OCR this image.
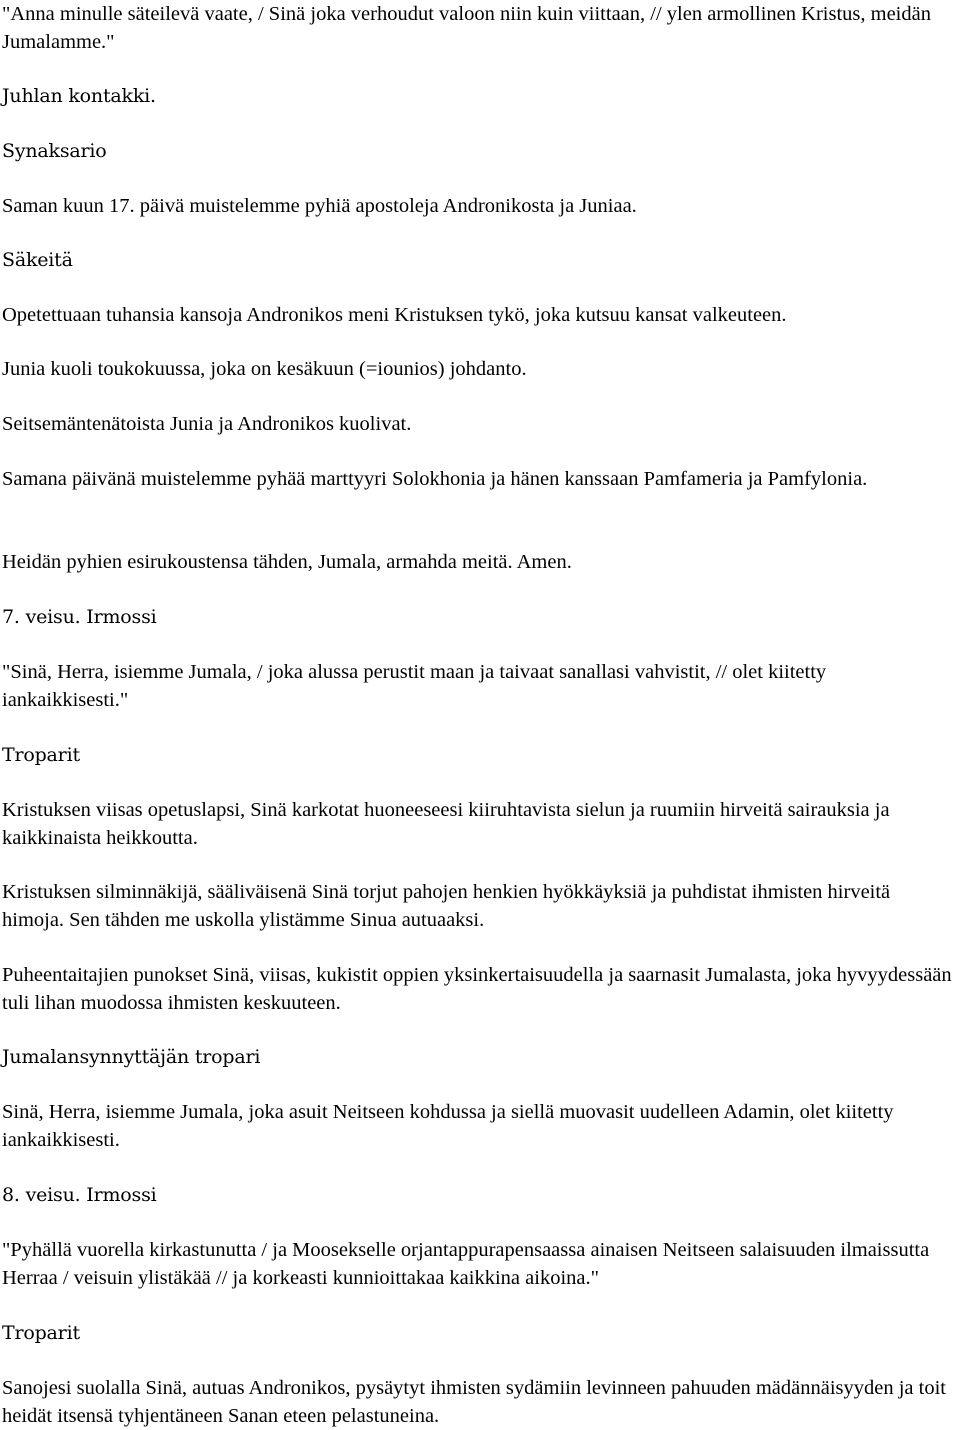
"Anna minulle säteilevä vaate, / Sinä joka verhoudut valoon niin kuin viittaan, // ylen armollinen Kristus, meidän Jumalamme."
Juhlan kontakki.
Synaksario
Saman kuun 17. päivä muistelemme pyhiä apostoleja Andronikosta ja Juniaa.
Säkeitä
Opetettuaan tuhansia kansoja Andronikos meni Kristuksen tykö, joka kutsuu kansat valkeuteen.
Junia kuoli toukokuussa, joka on kesäkuun (=iounios) johdanto.
Seitsemäntenätoista Junia ja Andronikos kuolivat.
Samana päivänä muistelemme pyhää marttyyri Solokhonia ja hänen kanssaan Pamfameria ja Pamfylonia.
Heidän pyhien esirukoustensa tähden, Jumala, armahda meitä. Amen.
7. veisu. Irmossi
"Sinä, Herra, isiemme Jumala, / joka alussa perustit maan ja taivaat sanallasi vahvistit, // olet kiitetty iankaikkisesti."
Troparit
Kristuksen viisas opetuslapsi, Sinä karkotat huoneeseesi kiiruhtavista sielun ja ruumiin hirveitä sairauksia ja kaikkinaista heikkoutta.
Kristuksen silminnäkijä, sääliväisenä Sinä torjut pahojen henkien hyökkäyksiä ja puhdistat ihmisten hirveitä himoja. Sen tähden me uskolla ylistämme Sinua autuaaksi.
Puheentaitajien punokset Sinä, viisas, kukistit oppien yksinkertaisuudella ja saarnasit Jumalasta, joka hyvyydessään tuli lihan muodossa ihmisten keskuuteen.
Jumalansynnyttäjän tropari
Sinä, Herra, isiemme Jumala, joka asuit Neitseen kohdussa ja siellä muovasit uudelleen Adamin, olet kiitetty iankaikkisesti.
8. veisu. Irmossi
"Pyhällä vuorella kirkastunutta / ja Moosekselle orjantappurapensaassa ainaisen Neitseen salaisuuden ilmaissutta Herraa / veisuin ylistäkää // ja korkeasti kunnioittakaa kaikkina aikoina."
Troparit
Sanojesi suolalla Sinä, autuas Andronikos, pysäytyt ihmisten sydämiin levinneen pahuuden mädännäisyyden ja toit heidät itsensä tyhjentäneen Sanan eteen pelastuneina.
